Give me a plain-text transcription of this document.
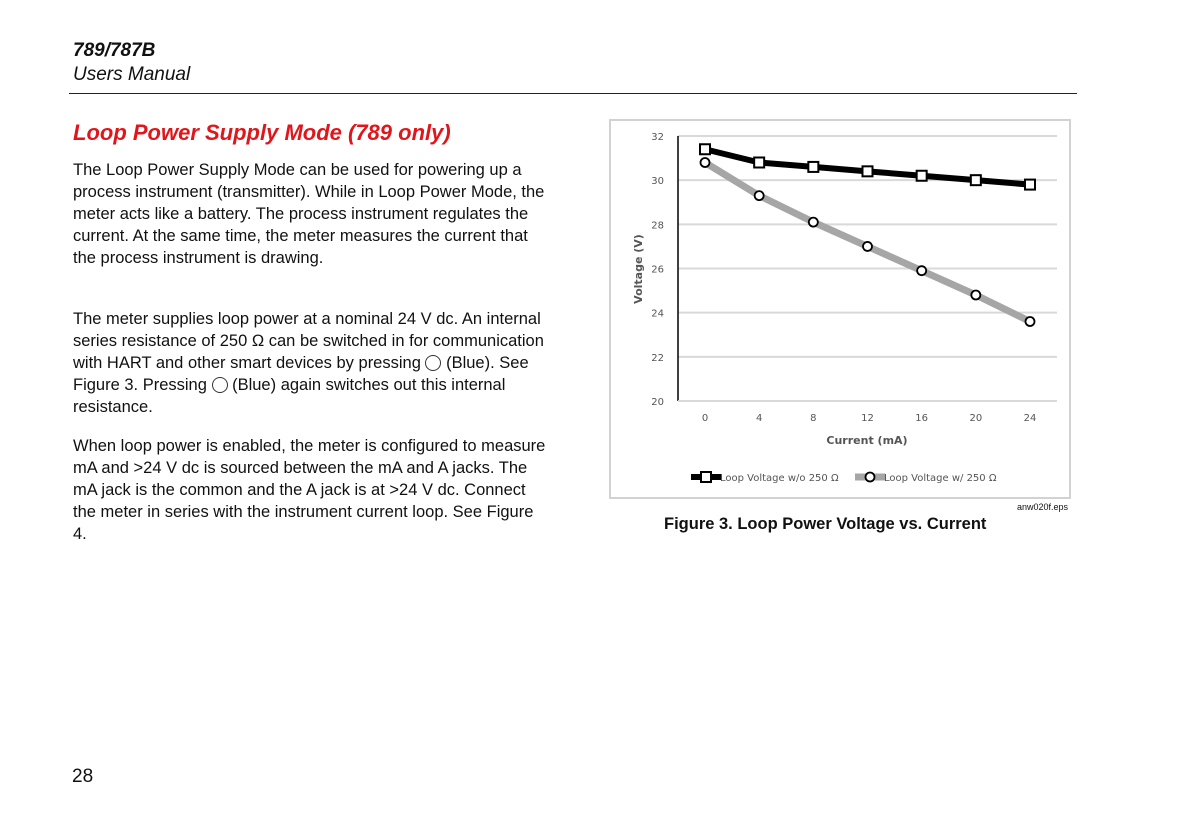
789/787B
Users Manual
Loop Power Supply Mode (789 only)

The Loop Power Supply Mode can be used for powering up a process instrument (transmitter). While in Loop Power Mode, the meter acts like a battery. The process instrument regulates the current. At the same time, the meter measures the current that the process instrument is drawing.

The meter supplies loop power at a nominal 24 V dc. An internal series resistance of 250 Ω can be switched in for communication with HART and other smart devices by pressing (Blue). See Figure 3. Pressing (Blue) again switches out this internal resistance.

When loop power is enabled, the meter is configured to measure mA and >24 V dc is sourced between the mA and A jacks. The mA jack is the common and the A jack is at >24 V dc. Connect the meter in series with the instrument current loop. See Figure 4.

20
22
24
26
28
30
32
0	4	8	12	16	20	24
Current (mA)
Voltage (V)
Loop Voltage w/o 250 Ω	Loop Voltage w/ 250 Ω
anw020f.eps
Figure 3. Loop Power Voltage vs. Current
28
